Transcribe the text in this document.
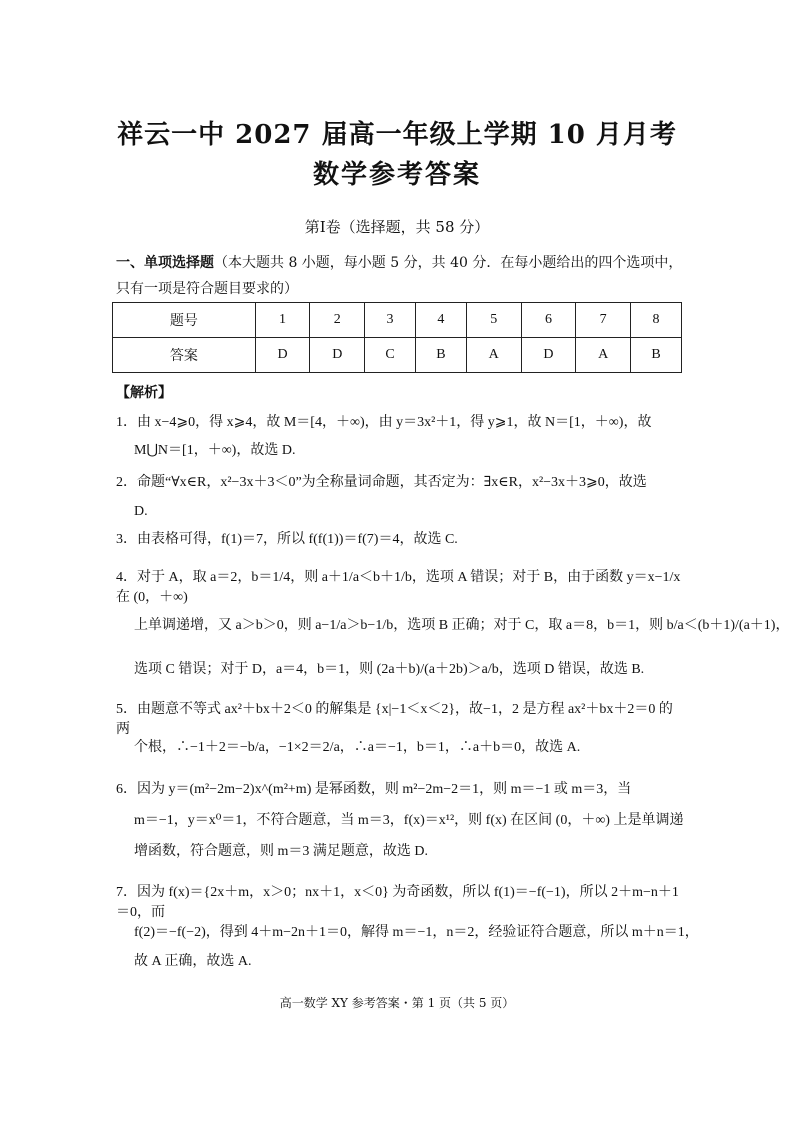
祥云一中 2027 届高一年级上学期 10 月月考
数学参考答案
第Ⅰ卷（选择题，共 58 分）
一、单项选择题（本大题共 8 小题，每小题 5 分，共 40 分．在每小题给出的四个选项中，只有一项是符合题目要求的）
题号	1	2	3	4	5	6	7	8
答案	D	D	C	B	A	D	A	B
【解析】
1．由 x−4⩾0，得 x⩾4，故 M＝[4，＋∞)，由 y＝3x²＋1，得 y⩾1，故 N＝[1，＋∞)，故
M⋃N＝[1，＋∞)，故选 D.
2．命题“∀x∈R，x²−3x＋3＜0”为全称量词命题，其否定为：∃x∈R，x²−3x＋3⩾0，故选
D.
3．由表格可得，f(1)＝7，所以 f(f(1))＝f(7)＝4，故选 C.
4．对于 A，取 a＝2，b＝1/4，则 a＋1/a＜b＋1/b，选项 A 错误；对于 B，由于函数 y＝x−1/x 在 (0，＋∞)
上单调递增，又 a＞b＞0，则 a−1/a＞b−1/b，选项 B 正确；对于 C，取 a＝8，b＝1，则 b/a＜(b＋1)/(a＋1)，
选项 C 错误；对于 D，a＝4，b＝1，则 (2a＋b)/(a＋2b)＞a/b，选项 D 错误，故选 B.
5．由题意不等式 ax²＋bx＋2＜0 的解集是 {x|−1＜x＜2}，故−1，2 是方程 ax²＋bx＋2＝0 的两
个根，∴−1＋2＝−b/a，−1×2＝2/a，∴a＝−1，b＝1，∴a＋b＝0，故选 A.
6．因为 y＝(m²−2m−2)x^(m²+m) 是幂函数，则 m²−2m−2＝1，则 m＝−1 或 m＝3，当
m＝−1，y＝x⁰＝1，不符合题意，当 m＝3，f(x)＝x¹²，则 f(x) 在区间 (0，＋∞) 上是单调递
增函数，符合题意，则 m＝3 满足题意，故选 D.
7．因为 f(x)＝{2x＋m，x＞0；nx＋1，x＜0} 为奇函数，所以 f(1)＝−f(−1)，所以 2＋m−n＋1＝0，而
f(2)＝−f(−2)，得到 4＋m−2n＋1＝0，解得 m＝−1，n＝2，经验证符合题意，所以 m＋n＝1，
故 A 正确，故选 A.
高一数学 XY 参考答案・第 1 页（共 5 页）
